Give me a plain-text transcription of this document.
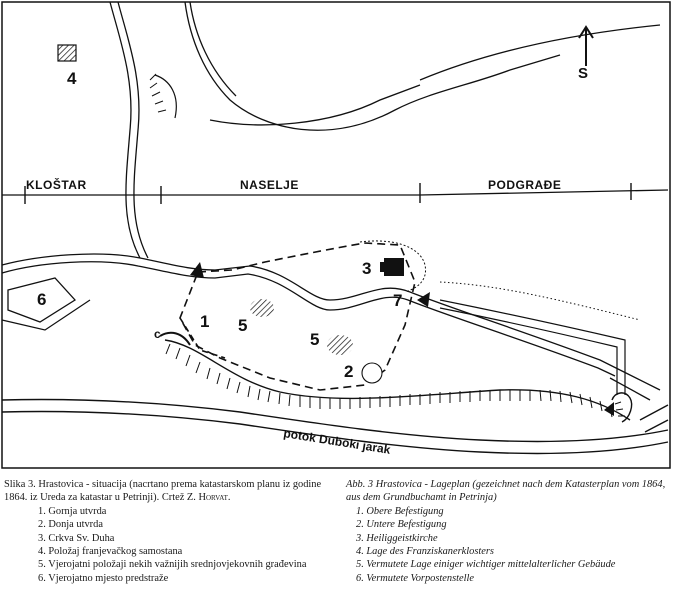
S
KLOŠTAR	NASELJE	PODGRAĐE
4
6
3
7
5
5
1
2
c
potok Duboki jarak
Slika 3. Hrastovica - situacija (nacrtano prema katastarskom planu iz godine 1864. iz Ureda za katastar u Petrinji). Crtež Z. Horvat.
1. Gornja utvrda
2. Donja utvrda
3. Crkva Sv. Duha
4. Položaj franjevačkog samostana
5. Vjerojatni položaji nekih važnijih srednjovjekovnih građevina
6. Vjerojatno mjesto predstraže
Abb. 3 Hrastovica - Lageplan (gezeichnet nach dem Katasterplan vom 1864, aus dem Grundbuchamt in Petrinja)
1. Obere Befestigung
2. Untere Befestigung
3. Heiliggeistkirche
4. Lage des Franziskanerklosters
5. Vermutete Lage einiger wichtiger mittelalterlicher Gebäude
6. Vermutete Vorpostenstelle
